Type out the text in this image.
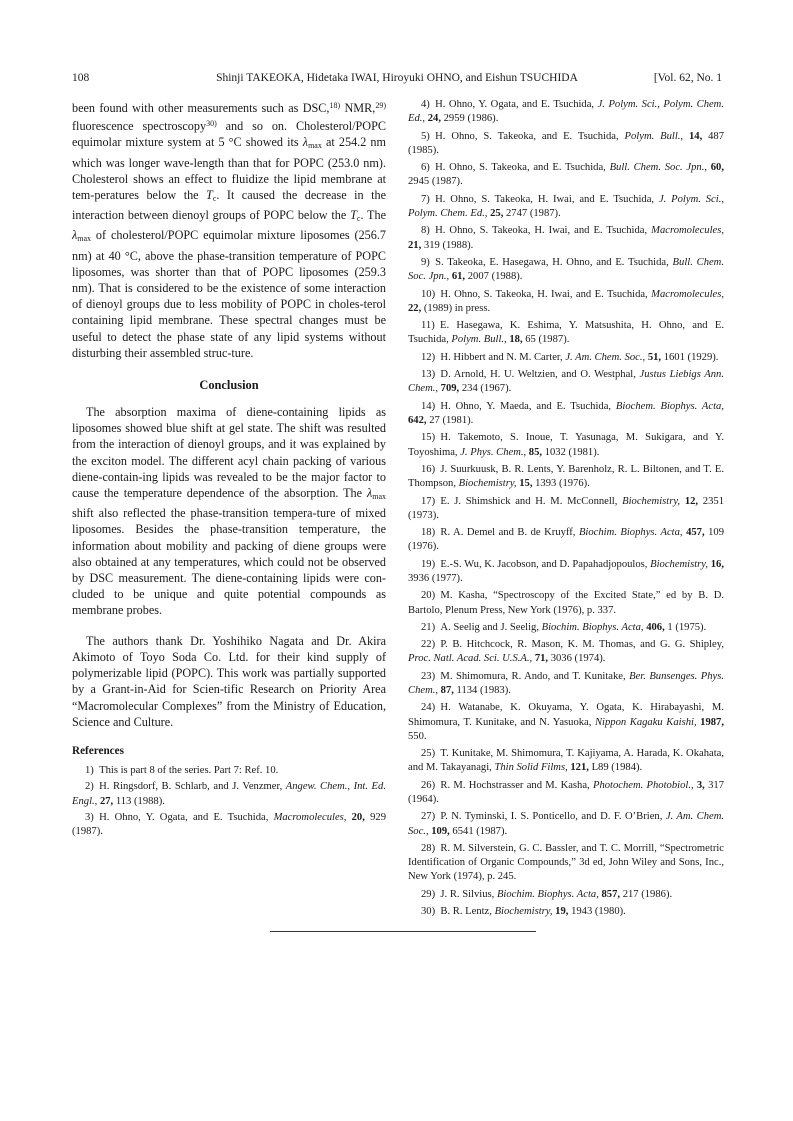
108	Shinji TAKEOKA, Hidetaka IWAI, Hiroyuki OHNO, and Eishun TSUCHIDA	[Vol. 62, No. 1

been found with other measurements such as DSC,$^{18)}$ NMR,$^{29)}$ fluorescence spectroscopy$^{30)}$ and so on. Cholesterol/POPC equimolar mixture system at 5 °C showed its $\lambda_{max}$ at 254.2 nm which was longer wave-length than that for POPC (253.0 nm). Cholesterol shows an effect to fluidize the lipid membrane at tem-peratures below the $T_c$. It caused the decrease in the interaction between dienoyl groups of POPC below the $T_c$. The $\lambda_{max}$ of cholesterol/POPC equimolar mixture liposomes (256.7 nm) at 40 °C, above the phase-transition temperature of POPC liposomes, was shorter than that of POPC liposomes (259.3 nm). That is considered to be the existence of some interaction of dienoyl groups due to less mobility of POPC in choles-terol containing lipid membrane. These spectral changes must be useful to detect the phase state of any lipid systems without disturbing their assembled struc-ture.

Conclusion

The absorption maxima of diene-containing lipids as liposomes showed blue shift at gel state. The shift was resulted from the interaction of dienoyl groups, and it was explained by the exciton model. The different acyl chain packing of various diene-contain-ing lipids was revealed to be the major factor to cause the temperature dependence of the absorption. The $\lambda_{max}$ shift also reflected the phase-transition tempera-ture of mixed liposomes. Besides the phase-transition temperature, the information about mobility and packing of diene groups were also obtained at any temperatures, which could not be observed by DSC measurement. The diene-containing lipids were con-cluded to be unique and quite potential compounds as membrane probes.

The authors thank Dr. Yoshihiko Nagata and Dr. Akira Akimoto of Toyo Soda Co. Ltd. for their kind supply of polymerizable lipid (POPC). This work was partially supported by a Grant-in-Aid for Scien-tific Research on Priority Area “Macromolecular Complexes” from the Ministry of Education, Science and Culture.

References

1)  This is part 8 of the series. Part 7: Ref. 10.

2)  H. Ringsdorf, B. Schlarb, and J. Venzmer, Angew. Chem., Int. Ed. Engl., 27, 113 (1988).

3)  H. Ohno, Y. Ogata, and E. Tsuchida, Macromolecules, 20, 929 (1987).

4)  H. Ohno, Y. Ogata, and E. Tsuchida, J. Polym. Sci., Polym. Chem. Ed., 24, 2959 (1986).

5)  H. Ohno, S. Takeoka, and E. Tsuchida, Polym. Bull., 14, 487 (1985).

6)  H. Ohno, S. Takeoka, and E. Tsuchida, Bull. Chem. Soc. Jpn., 60, 2945 (1987).

7)  H. Ohno, S. Takeoka, H. Iwai, and E. Tsuchida, J. Polym. Sci., Polym. Chem. Ed., 25, 2747 (1987).

8)  H. Ohno, S. Takeoka, H. Iwai, and E. Tsuchida, Macromolecules, 21, 319 (1988).

9)  S. Takeoka, E. Hasegawa, H. Ohno, and E. Tsuchida, Bull. Chem. Soc. Jpn., 61, 2007 (1988).

10)  H. Ohno, S. Takeoka, H. Iwai, and E. Tsuchida, Macromolecules, 22, (1989) in press.

11)  E. Hasegawa, K. Eshima, Y. Matsushita, H. Ohno, and E. Tsuchida, Polym. Bull., 18, 65 (1987).

12)  H. Hibbert and N. M. Carter, J. Am. Chem. Soc., 51, 1601 (1929).

13)  D. Arnold, H. U. Weltzien, and O. Westphal, Justus Liebigs Ann. Chem., 709, 234 (1967).

14)  H. Ohno, Y. Maeda, and E. Tsuchida, Biochem. Biophys. Acta, 642, 27 (1981).

15)  H. Takemoto, S. Inoue, T. Yasunaga, M. Sukigara, and Y. Toyoshima, J. Phys. Chem., 85, 1032 (1981).

16)  J. Suurkuusk, B. R. Lents, Y. Barenholz, R. L. Biltonen, and T. E. Thompson, Biochemistry, 15, 1393 (1976).

17)  E. J. Shimshick and H. M. McConnell, Biochemistry, 12, 2351 (1973).

18)  R. A. Demel and B. de Kruyff, Biochim. Biophys. Acta, 457, 109 (1976).

19)  E.-S. Wu, K. Jacobson, and D. Papahadjopoulos, Biochemistry, 16, 3936 (1977).

20)  M. Kasha, “Spectroscopy of the Excited State,” ed by B. D. Bartolo, Plenum Press, New York (1976), p. 337.

21)  A. Seelig and J. Seelig, Biochim. Biophys. Acta, 406, 1 (1975).

22)  P. B. Hitchcock, R. Mason, K. M. Thomas, and G. G. Shipley, Proc. Natl. Acad. Sci. U.S.A., 71, 3036 (1974).

23)  M. Shimomura, R. Ando, and T. Kunitake, Ber. Bunsenges. Phys. Chem., 87, 1134 (1983).

24)  H. Watanabe, K. Okuyama, Y. Ogata, K. Hirabayashi, M. Shimomura, T. Kunitake, and N. Yasuoka, Nippon Kagaku Kaishi, 1987, 550.

25)  T. Kunitake, M. Shimomura, T. Kajiyama, A. Harada, K. Okahata, and M. Takayanagi, Thin Solid Films, 121, L89 (1984).

26)  R. M. Hochstrasser and M. Kasha, Photochem. Photobiol., 3, 317 (1964).

27)  P. N. Tyminski, I. S. Ponticello, and D. F. O’Brien, J. Am. Chem. Soc., 109, 6541 (1987).

28)  R. M. Silverstein, G. C. Bassler, and T. C. Morrill, “Spectrometric Identification of Organic Compounds,” 3d ed, John Wiley and Sons, Inc., New York (1974), p. 245.

29)  J. R. Silvius, Biochim. Biophys. Acta, 857, 217 (1986).

30)  B. R. Lentz, Biochemistry, 19, 1943 (1980).
